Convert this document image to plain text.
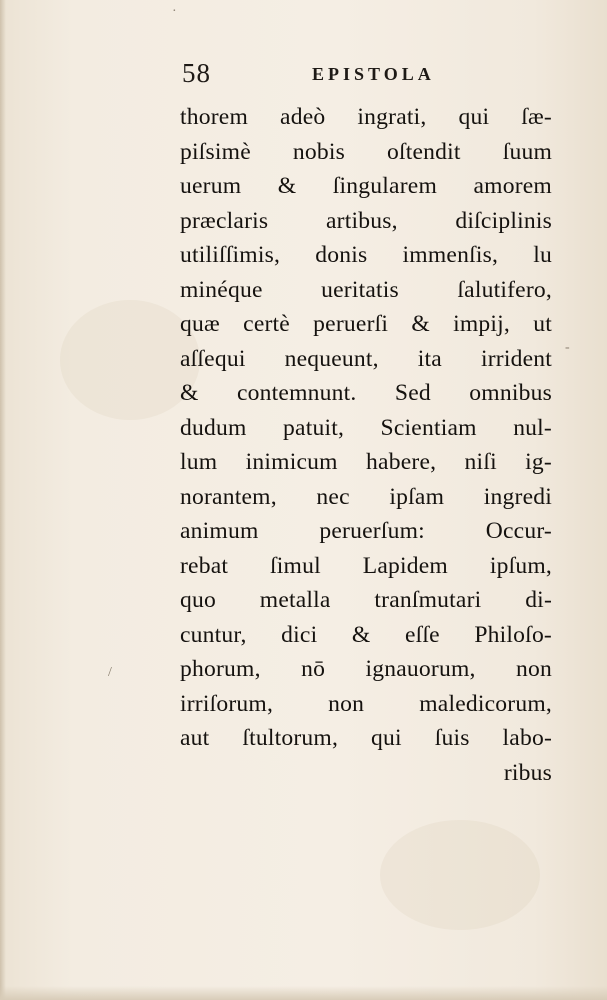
·
-
/
58	EPISTOLA
thorem adeò ingrati, qui ſæ-
piſsimè nobis oſtendit ſuum
uerum & ſingularem amorem
præclaris artibus, diſciplinis
utiliſſimis, donis immenſis, lu
minéque ueritatis ſalutifero,
quæ certè peruerſi & impij, ut
aſſequi nequeunt, ita irrident
& contemnunt. Sed omnibus
dudum patuit, Scientiam nul-
lum inimicum habere, niſi ig-
norantem, nec ipſam ingredi
animum peruerſum: Occur-
rebat ſimul Lapidem ipſum,
quo metalla tranſmutari di-
cuntur, dici & eſſe Philoſo-
phorum, nō ignauorum, non
irriſorum, non maledicorum,
aut ſtultorum, qui ſuis labo-
ribus
